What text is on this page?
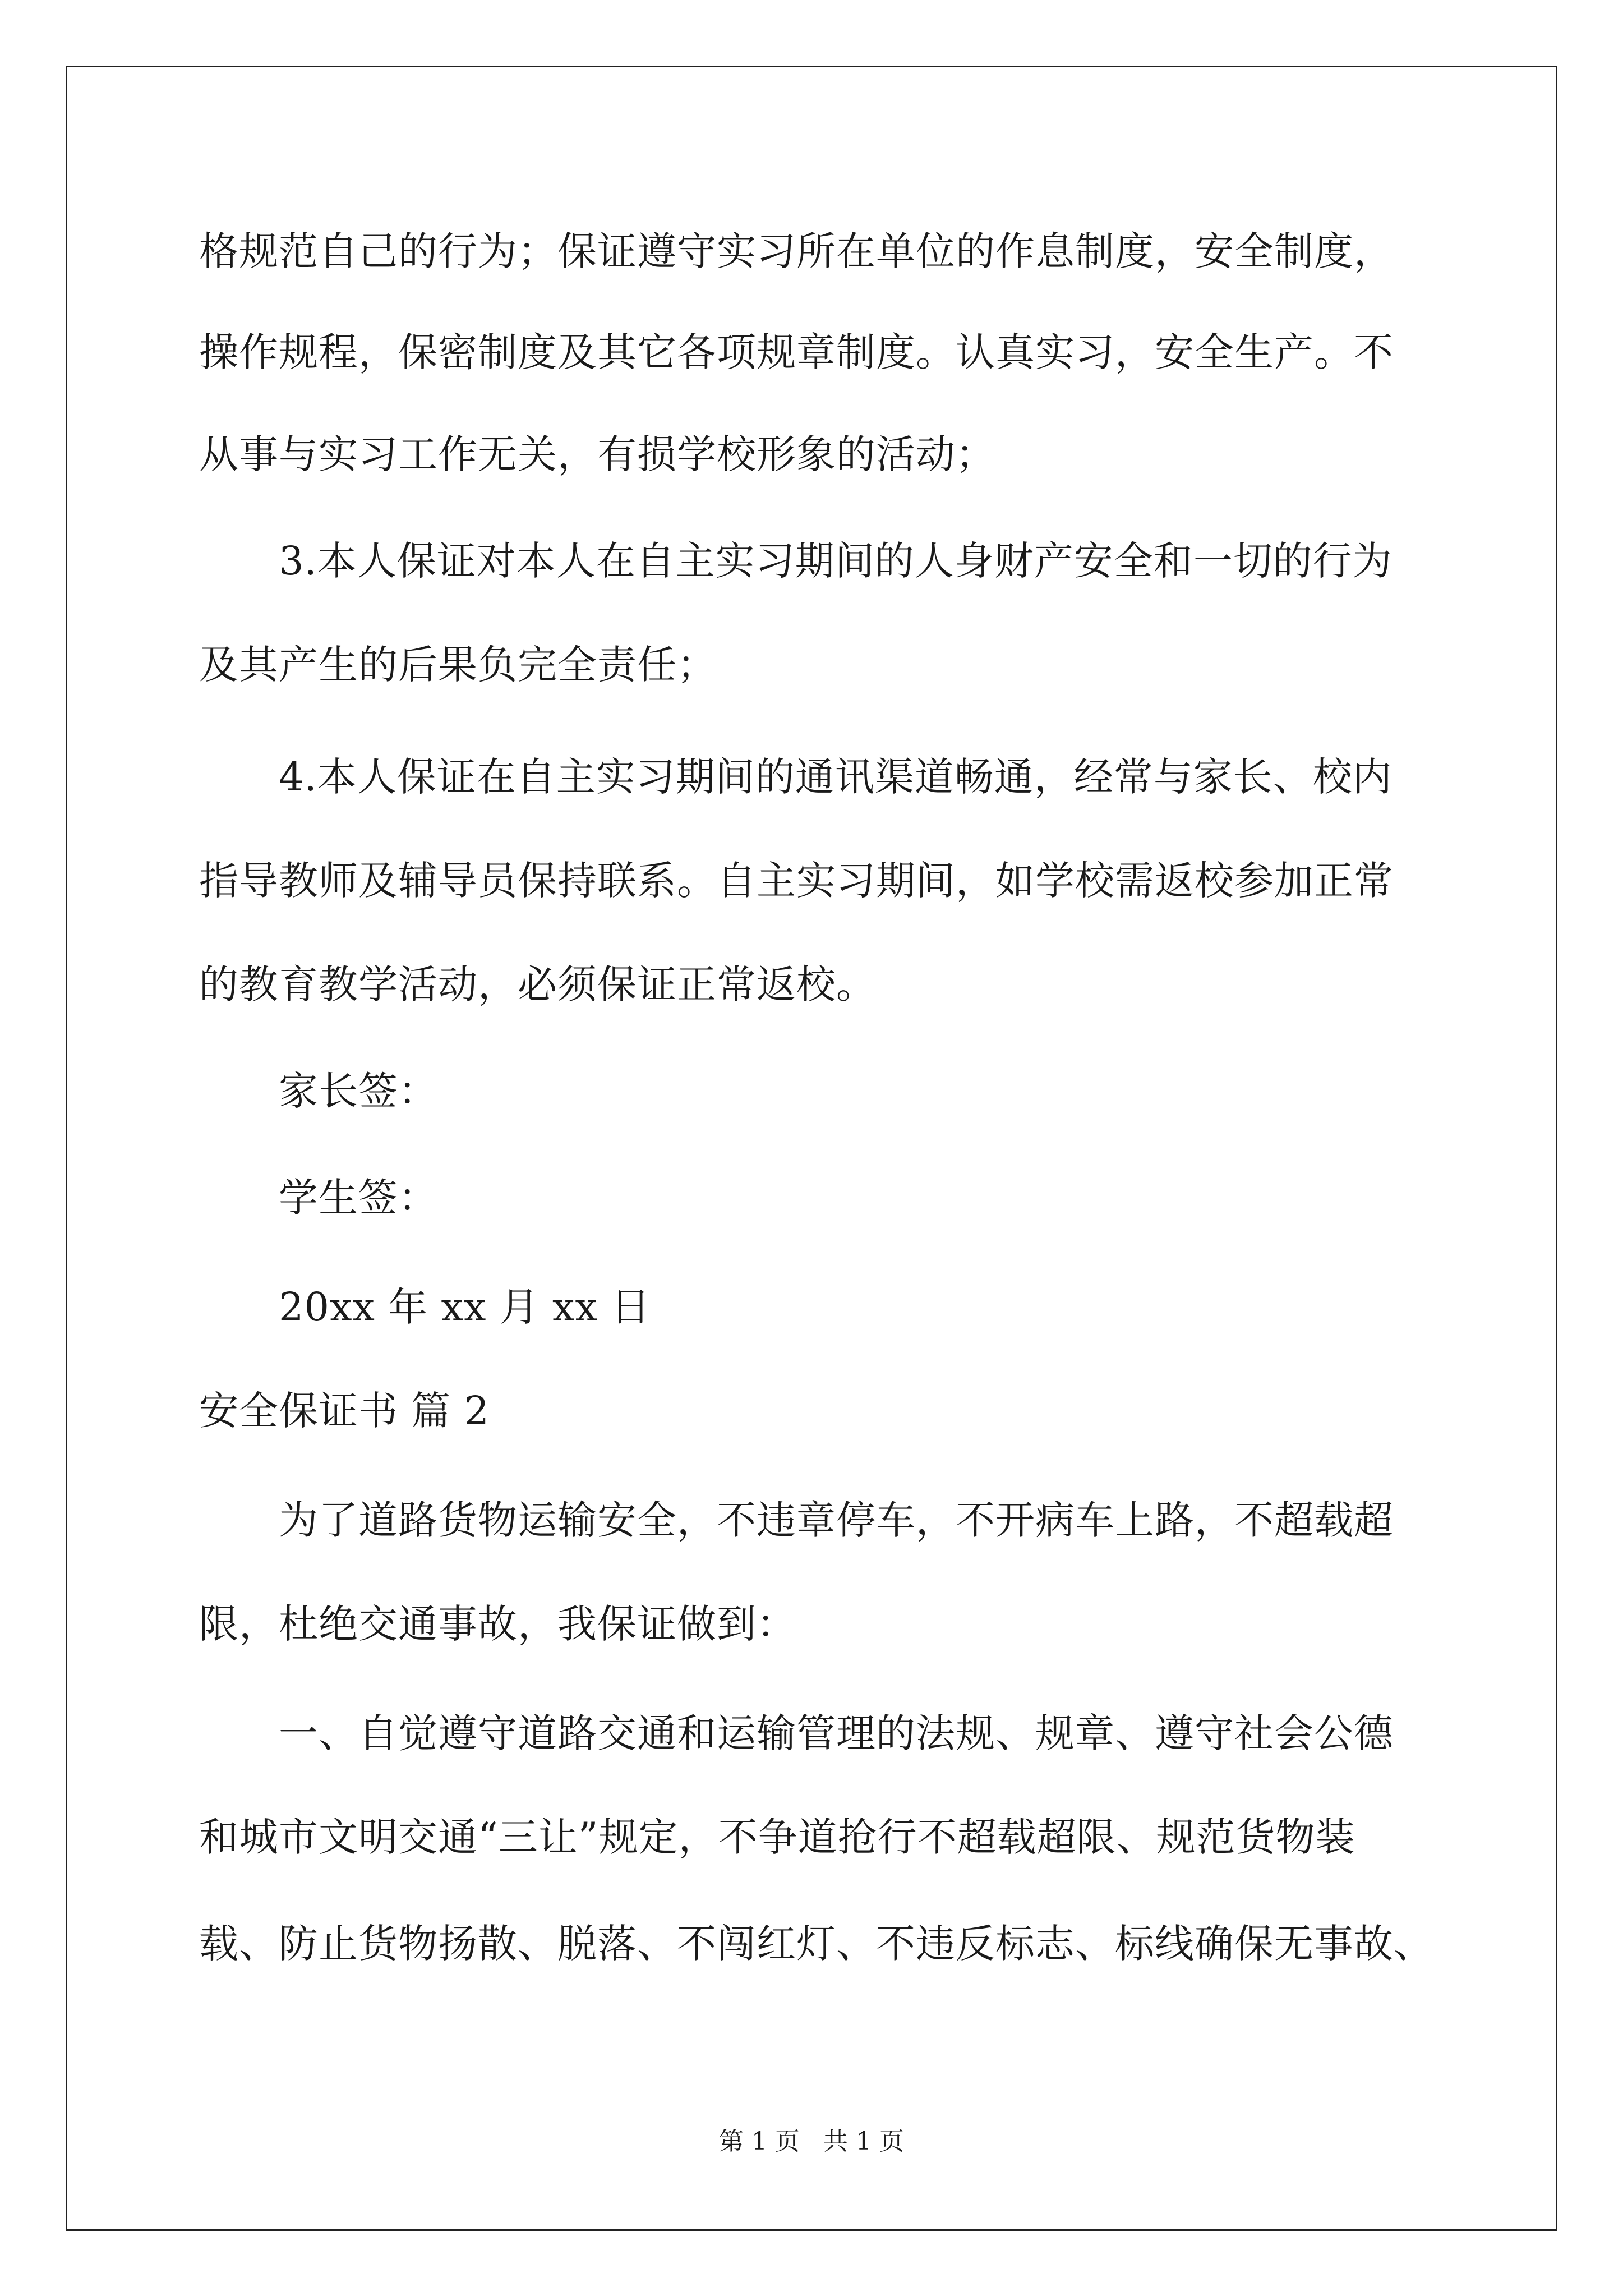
格规范自己的行为；保证遵守实习所在单位的作息制度，安全制度，
操作规程，保密制度及其它各项规章制度。认真实习，安全生产。不
从事与实习工作无关，有损学校形象的活动；
3.本人保证对本人在自主实习期间的人身财产安全和一切的行为
及其产生的后果负完全责任；
4.本人保证在自主实习期间的通讯渠道畅通，经常与家长、校内
指导教师及辅导员保持联系。自主实习期间，如学校需返校参加正常
的教育教学活动，必须保证正常返校。
家长签：
学生签：
20xx 年 xx 月 xx 日
安全保证书 篇 2
为了道路货物运输安全，不违章停车，不开病车上路，不超载超
限，杜绝交通事故，我保证做到：
一、自觉遵守道路交通和运输管理的法规、规章、遵守社会公德
和城市文明交通“三让”规定，不争道抢行不超载超限、规范货物装
载、防止货物扬散、脱落、不闯红灯、不违反标志、标线确保无事故、
第 1 页 共 1 页
